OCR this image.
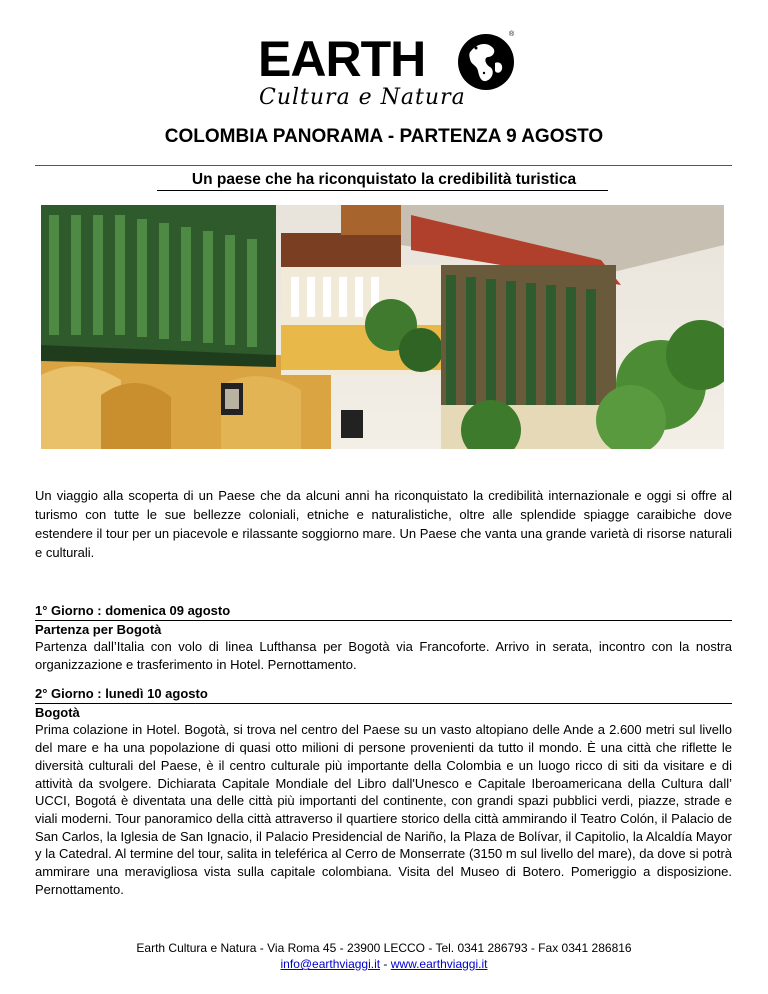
EARTH	®
Cultura e Natura
COLOMBIA PANORAMA - PARTENZA 9 AGOSTO
Un paese che ha riconquistato la credibilità turistica
Un viaggio alla scoperta di un Paese che da alcuni anni ha riconquistato la credibilità internazionale e oggi si offre al turismo con tutte le sue bellezze coloniali, etniche e naturalistiche, oltre alle splendide spiagge caraibiche dove estendere il tour per un piacevole e rilassante soggiorno mare. Un Paese che vanta una grande varietà di risorse naturali e culturali.
1° Giorno : domenica 09 agosto
Partenza per Bogotà
Partenza dall’Italia con volo di linea Lufthansa per Bogotà via Francoforte. Arrivo in serata, incontro con la nostra organizzazione e trasferimento in Hotel. Pernottamento.
2° Giorno : lunedì 10 agosto
Bogotà
Prima colazione in Hotel. Bogotà, si trova nel centro del Paese su un vasto altopiano delle Ande a 2.600 metri sul livello del mare e ha una popolazione di quasi otto milioni di persone provenienti da tutto il mondo. È una città che riflette le diversità culturali del Paese, è il centro culturale più importante della Colombia e un luogo ricco di siti da visitare e di attività da svolgere. Dichiarata Capitale Mondiale del Libro dall'Unesco e Capitale Iberoamericana della Cultura dall’ UCCI, Bogotá è diventata una delle città più importanti del continente, con grandi spazi pubblici verdi, piazze, strade e viali moderni. Tour panoramico della città attraverso il quartiere storico della città ammirando il Teatro Colón, il Palacio de San Carlos, la Iglesia de San Ignacio, il Palacio Presidencial de Nariño, la Plaza de Bolívar, il Capitolio, la Alcaldía Mayor y la Catedral. Al termine del tour, salita in teleférica al Cerro de Monserrate (3150 m sul livello del mare), da dove si potrà ammirare una meravigliosa vista sulla capitale colombiana. Visita del Museo di Botero. Pomeriggio a disposizione. Pernottamento.
Earth Cultura e Natura - Via Roma 45 - 23900 LECCO - Tel. 0341 286793 - Fax 0341 286816
info@earthviaggi.it - www.earthviaggi.it
